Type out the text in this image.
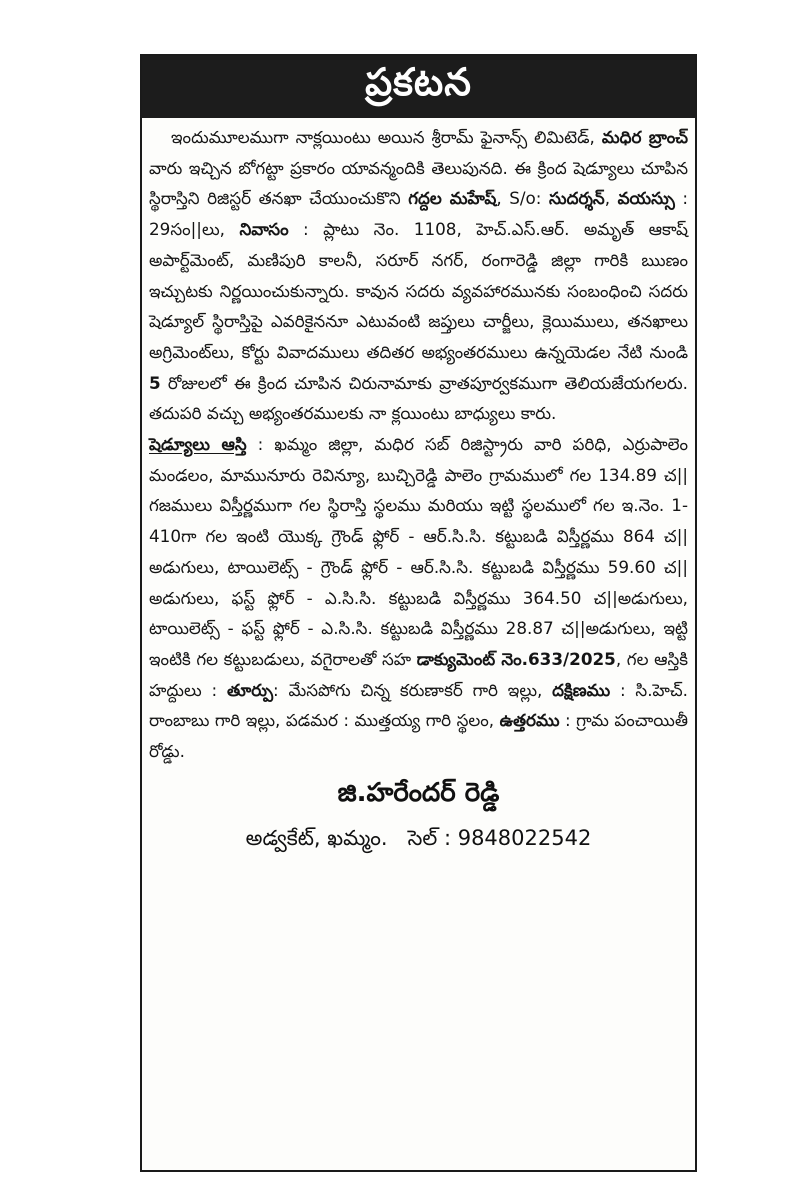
ప్రకటన

ఇందుమూలముగా నాక్లయింటు అయిన శ్రీరామ్ ఫైనాన్స్ లిమిటెడ్, మధిర బ్రాంచ్ వారు ఇచ్చిన బోగట్టా ప్రకారం యావన్మందికి తెలుపునది. ఈ క్రింద షెడ్యూలు చూపిన స్థిరాస్తిని రిజిస్టర్ తనఖా చేయుంచుకొని గద్దల మహేష్, S/o: సుదర్శన్, వయస్సు : 29సం||లు, నివాసం : ప్లాటు నెం. 1108, హెచ్.ఎస్.ఆర్. అమృత్ ఆకాష్ అపార్ట్‌మెంట్, మణిపురి కాలనీ, సరూర్ నగర్, రంగారెడ్డి జిల్లా గారికి ఋణం ఇచ్చుటకు నిర్ణయించుకున్నారు. కావున సదరు వ్యవహారమునకు సంబంధించి సదరు షెడ్యూల్ స్థిరాస్తిపై ఎవరికైననూ ఎటువంటి జప్తులు చార్జీలు, క్లెయిములు, తనఖాలు అగ్రిమెంట్‌లు, కోర్టు వివాదములు తదితర అభ్యంతరములు ఉన్నయెడల నేటి నుండి 5 రోజులలో ఈ క్రింద చూపిన చిరునామాకు వ్రాతపూర్వకముగా తెలియజేయగలరు. తదుపరి వచ్చు అభ్యంతరములకు నా క్లయింటు బాధ్యులు కారు.

షెడ్యూలు ఆస్తి : ఖమ్మం జిల్లా, మధిర సబ్ రిజిస్ట్రారు వారి పరిధి, ఎర్రుపాలెం మండలం, మామునూరు రెవిన్యూ, బుచ్చిరెడ్డి పాలెం గ్రామములో గల 134.89 చ||గజములు విస్తీర్ణముగా గల స్థిరాస్తి స్థలము మరియు ఇట్టి స్థలములో గల ఇ.నెం. 1-410గా గల ఇంటి యొక్క గ్రౌండ్ ఫ్లోర్ - ఆర్.సి.సి. కట్టుబడి విస్తీర్ణము 864 చ||అడుగులు, టాయిలెట్స్ - గ్రౌండ్ ఫ్లోర్ - ఆర్.సి.సి. కట్టుబడి విస్తీర్ణము 59.60 చ||అడుగులు, ఫస్ట్ ఫ్లోర్ - ఎ.సి.సి. కట్టుబడి విస్తీర్ణము 364.50 చ||అడుగులు, టాయిలెట్స్ - ఫస్ట్ ఫ్లోర్ - ఎ.సి.సి. కట్టుబడి విస్తీర్ణము 28.87 చ||అడుగులు, ఇట్టి ఇంటికి గల కట్టుబడులు, వగైరాలతో సహ డాక్యుమెంట్ నెం.633/2025, గల ఆస్తికి హద్దులు : తూర్పు: మేసపోగు చిన్న కరుణాకర్ గారి ఇల్లు, దక్షిణము : సి.హెచ్. రాంబాబు గారి ఇల్లు, పడమర : ముత్తయ్య గారి స్థలం, ఉత్తరము : గ్రామ పంచాయితీ రోడ్డు.

జి.హరేందర్ రెడ్డి
అడ్వకేట్, ఖమ్మం. సెల్ : 9848022542
